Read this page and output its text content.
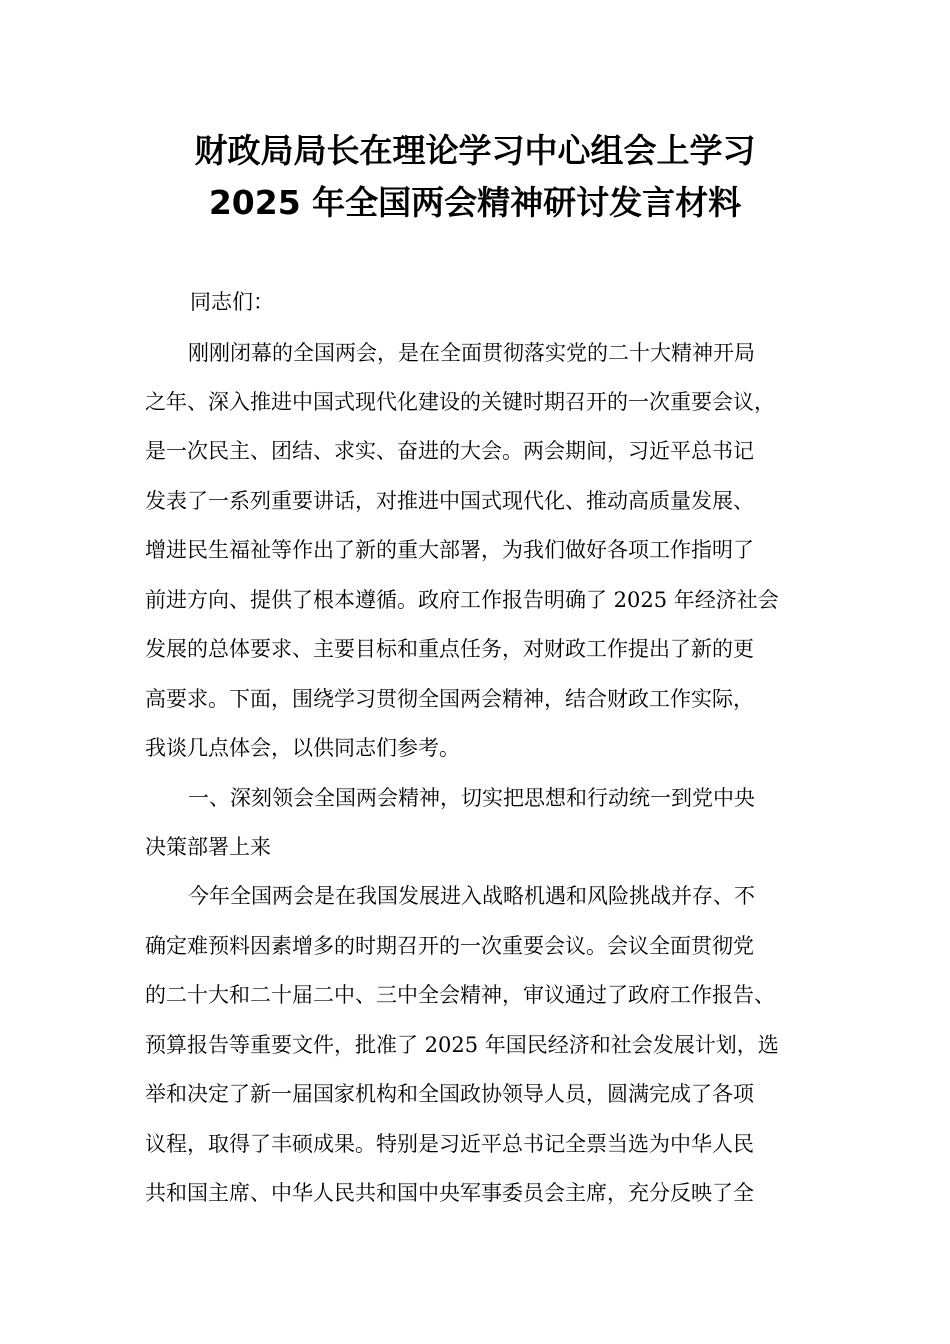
财政局局长在理论学习中心组会上学习
2025 年全国两会精神研讨发言材料
同志们：
刚刚闭幕的全国两会，是在全面贯彻落实党的二十大精神开局
之年、深入推进中国式现代化建设的关键时期召开的一次重要会议，
是一次民主、团结、求实、奋进的大会。两会期间，习近平总书记
发表了一系列重要讲话，对推进中国式现代化、推动高质量发展、
增进民生福祉等作出了新的重大部署，为我们做好各项工作指明了
前进方向、提供了根本遵循。政府工作报告明确了 2025 年经济社会
发展的总体要求、主要目标和重点任务，对财政工作提出了新的更
高要求。下面，围绕学习贯彻全国两会精神，结合财政工作实际，
我谈几点体会，以供同志们参考。
一、深刻领会全国两会精神，切实把思想和行动统一到党中央
决策部署上来
今年全国两会是在我国发展进入战略机遇和风险挑战并存、不
确定难预料因素增多的时期召开的一次重要会议。会议全面贯彻党
的二十大和二十届二中、三中全会精神，审议通过了政府工作报告、
预算报告等重要文件，批准了 2025 年国民经济和社会发展计划，选
举和决定了新一届国家机构和全国政协领导人员，圆满完成了各项
议程，取得了丰硕成果。特别是习近平总书记全票当选为中华人民
共和国主席、中华人民共和国中央军事委员会主席，充分反映了全
